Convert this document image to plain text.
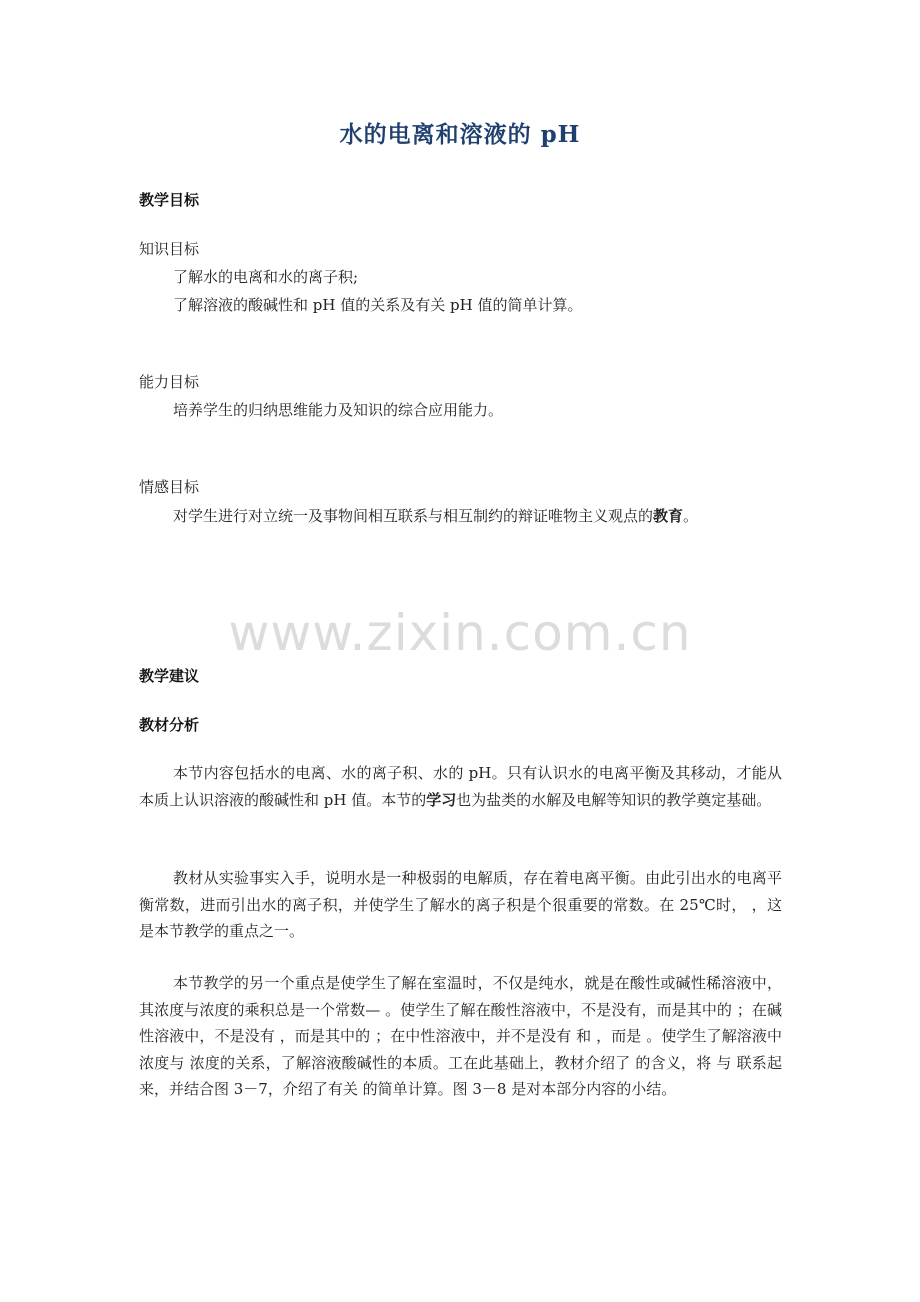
水的电离和溶液的 pH
教学目标
知识目标
了解水的电离和水的离子积;
了解溶液的酸碱性和 pH 值的关系及有关 pH 值的简单计算。
能力目标
培养学生的归纳思维能力及知识的综合应用能力。
情感目标
对学生进行对立统一及事物间相互联系与相互制约的辩证唯物主义观点的教育。
www.zixin.com.cn
教学建议
教材分析
本节内容包括水的电离、水的离子积、水的 pH。只有认识水的电离平衡及其移动，才能从本质上认识溶液的酸碱性和 pH 值。本节的学习也为盐类的水解及电解等知识的教学奠定基础。
教材从实验事实入手，说明水是一种极弱的电解质，存在着电离平衡。由此引出水的电离平衡常数，进而引出水的离子积，并使学生了解水的离子积是个很重要的常数。在 25℃时， ，这是本节教学的重点之一。
本节教学的另一个重点是使学生了解在室温时，不仅是纯水，就是在酸性或碱性稀溶液中，其浓度与浓度的乘积总是一个常数— 。使学生了解在酸性溶液中，不是没有，而是其中的 ；在碱性溶液中，不是没有 ，而是其中的 ；在中性溶液中，并不是没有 和 ，而是 。使学生了解溶液中 浓度与 浓度的关系，了解溶液酸碱性的本质。工在此基础上，教材介绍了 的含义，将 与 联系起来，并结合图 3－7，介绍了有关 的简单计算。图 3－8 是对本部分内容的小结。
